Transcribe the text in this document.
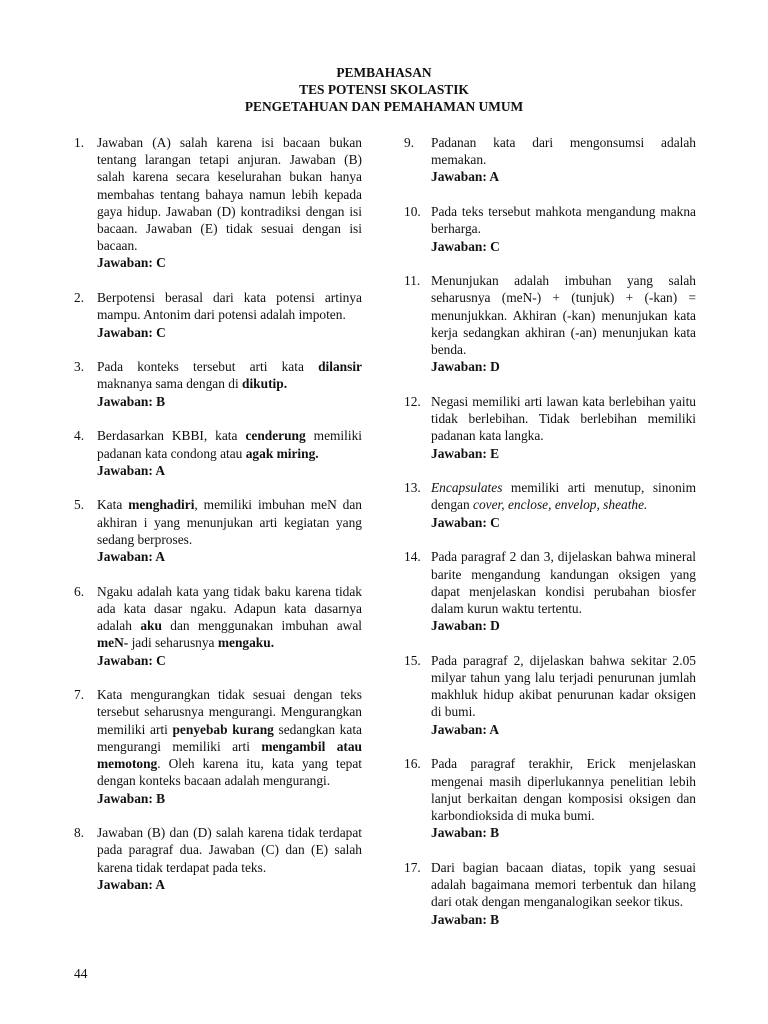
PEMBAHASAN
TES POTENSI SKOLASTIK
PENGETAHUAN DAN PEMAHAMAN UMUM
1. Jawaban (A) salah karena isi bacaan bukan tentang larangan tetapi anjuran. Jawaban (B) salah karena secara keselurahan bukan hanya membahas tentang bahaya namun lebih kepada gaya hidup. Jawaban (D) kontradiksi dengan isi bacaan. Jawaban (E) tidak sesuai dengan isi bacaan.
Jawaban: C
2. Berpotensi berasal dari kata potensi artinya mampu. Antonim dari potensi adalah impoten.
Jawaban: C
3. Pada konteks tersebut arti kata dilansir maknanya sama dengan di dikutip.
Jawaban: B
4. Berdasarkan KBBI, kata cenderung memiliki padanan kata condong atau agak miring.
Jawaban: A
5. Kata menghadiri, memiliki imbuhan meN dan akhiran i yang menunjukan arti kegiatan yang sedang berproses.
Jawaban: A
6. Ngaku adalah kata yang tidak baku karena tidak ada kata dasar ngaku. Adapun kata dasarnya adalah aku dan menggunakan imbuhan awal meN- jadi seharusnya mengaku.
Jawaban: C
7. Kata mengurangkan tidak sesuai dengan teks tersebut seharusnya mengurangi. Mengurangkan memiliki arti penyebab kurang sedangkan kata mengurangi memiliki arti mengambil atau memotong. Oleh karena itu, kata yang tepat dengan konteks bacaan adalah mengurangi.
Jawaban: B
8. Jawaban (B) dan (D) salah karena tidak terdapat pada paragraf dua. Jawaban (C) dan (E) salah karena tidak terdapat pada teks.
Jawaban: A
9. Padanan kata dari mengonsumsi adalah memakan.
Jawaban: A
10. Pada teks tersebut mahkota mengandung makna berharga.
Jawaban: C
11. Menunjukan adalah imbuhan yang salah seharusnya (meN-) + (tunjuk) + (-kan) = menunjukkan. Akhiran (-kan) menunjukan kata kerja sedangkan akhiran (-an) menunjukan kata benda.
Jawaban: D
12. Negasi memiliki arti lawan kata berlebihan yaitu tidak berlebihan. Tidak berlebihan memiliki padanan kata langka.
Jawaban: E
13. Encapsulates memiliki arti menutup, sinonim dengan cover, enclose, envelop, sheathe.
Jawaban: C
14. Pada paragraf 2 dan 3, dijelaskan bahwa mineral barite mengandung kandungan oksigen yang dapat menjelaskan kondisi perubahan biosfer dalam kurun waktu tertentu.
Jawaban: D
15. Pada paragraf 2, dijelaskan bahwa sekitar 2.05 milyar tahun yang lalu terjadi penurunan jumlah makhluk hidup akibat penurunan kadar oksigen di bumi.
Jawaban: A
16. Pada paragraf terakhir, Erick menjelaskan mengenai masih diperlukannya penelitian lebih lanjut berkaitan dengan komposisi oksigen dan karbondioksida di muka bumi.
Jawaban: B
17. Dari bagian bacaan diatas, topik yang sesuai adalah bagaimana memori terbentuk dan hilang dari otak dengan menganalogikan seekor tikus.
Jawaban: B
44
